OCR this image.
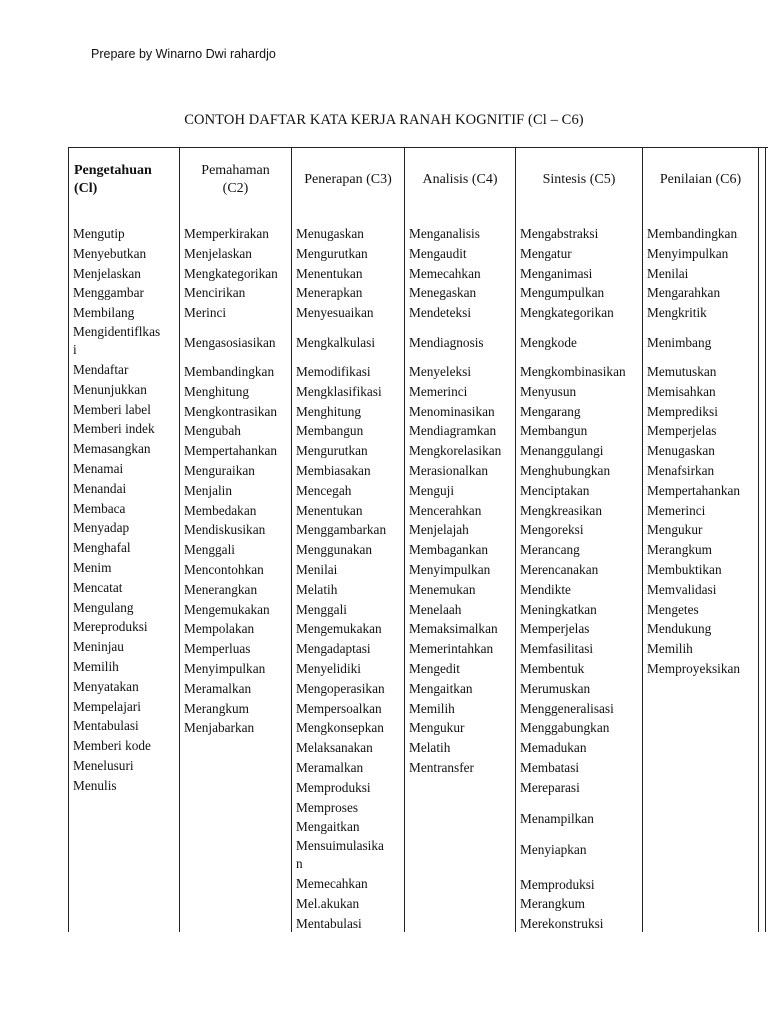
Prepare by Winarno Dwi rahardjo
CONTOH DAFTAR KATA KERJA RANAH KOGNITIF (Cl – C6)
Pengetahuan
(Cl)
Mengutip
Menyebutkan
Menjelaskan
Menggambar
Membilang
Mengidentiflkas
i
Mendaftar
Menunjukkan
Memberi label
Memberi indek
Memasangkan
Menamai
Menandai
Membaca
Menyadap
Menghafal
Menim
Mencatat
Mengulang
Mereproduksi
Meninjau
Memilih
Menyatakan
Mempelajari
Mentabulasi
Memberi kode
Menelusuri
Menulis
Pemahaman
(C2)
Memperkirakan
Menjelaskan
Mengkategorikan
Mencirikan
Merinci
Mengasosiasikan
Membandingkan
Menghitung
Mengkontrasikan
Mengubah
Mempertahankan
Menguraikan
Menjalin
Membedakan
Mendiskusikan
Menggali
Mencontohkan
Menerangkan
Mengemukakan
Mempolakan
Memperluas
Menyimpulkan
Meramalkan
Merangkum
Menjabarkan
Penerapan (C3)
Menugaskan
Mengurutkan
Menentukan
Menerapkan
Menyesuaikan
Mengkalkulasi
Memodifikasi
Mengklasifikasi
Menghitung
Membangun
Mengurutkan
Membiasakan
Mencegah
Menentukan
Menggambarkan
Menggunakan
Menilai
Melatih
Menggali
Mengemukakan
Mengadaptasi
Menyelidiki
Mengoperasikan
Mempersoalkan
Mengkonsepkan
Melaksanakan
Meramalkan
Memproduksi
Memproses
Mengaitkan
Mensuimulasika
n
Memecahkan
Mel.akukan
Mentabulasi
Analisis (C4)
Menganalisis
Mengaudit
Memecahkan
Menegaskan
Mendeteksi
Mendiagnosis
Menyeleksi
Memerinci
Menominasikan
Mendiagramkan
Mengkorelasikan
Merasionalkan
Menguji
Mencerahkan
Menjelajah
Membagankan
Menyimpulkan
Menemukan
Menelaah
Memaksimalkan
Memerintahkan
Mengedit
Mengaitkan
Memilih
Mengukur
Melatih
Mentransfer
Sintesis (C5)
Mengabstraksi
Mengatur
Menganimasi
Mengumpulkan
Mengkategorikan
Mengkode
Mengkombinasikan
Menyusun
Mengarang
Membangun
Menanggulangi
Menghubungkan
Menciptakan
Mengkreasikan
Mengoreksi
Merancang
Merencanakan
Mendikte
Meningkatkan
Memperjelas
Memfasilitasi
Membentuk
Merumuskan
Menggeneralisasi
Menggabungkan
Memadukan
Membatasi
Mereparasi
Menampilkan
Menyiapkan
Memproduksi
Merangkum
Merekonstruksi
Penilaian (C6)
Membandingkan
Menyimpulkan
Menilai
Mengarahkan
Mengkritik
Menimbang
Memutuskan
Memisahkan
Memprediksi
Memperjelas
Menugaskan
Menafsirkan
Mempertahankan
Memerinci
Mengukur
Merangkum
Membuktikan
Memvalidasi
Mengetes
Mendukung
Memilih
Memproyeksikan
